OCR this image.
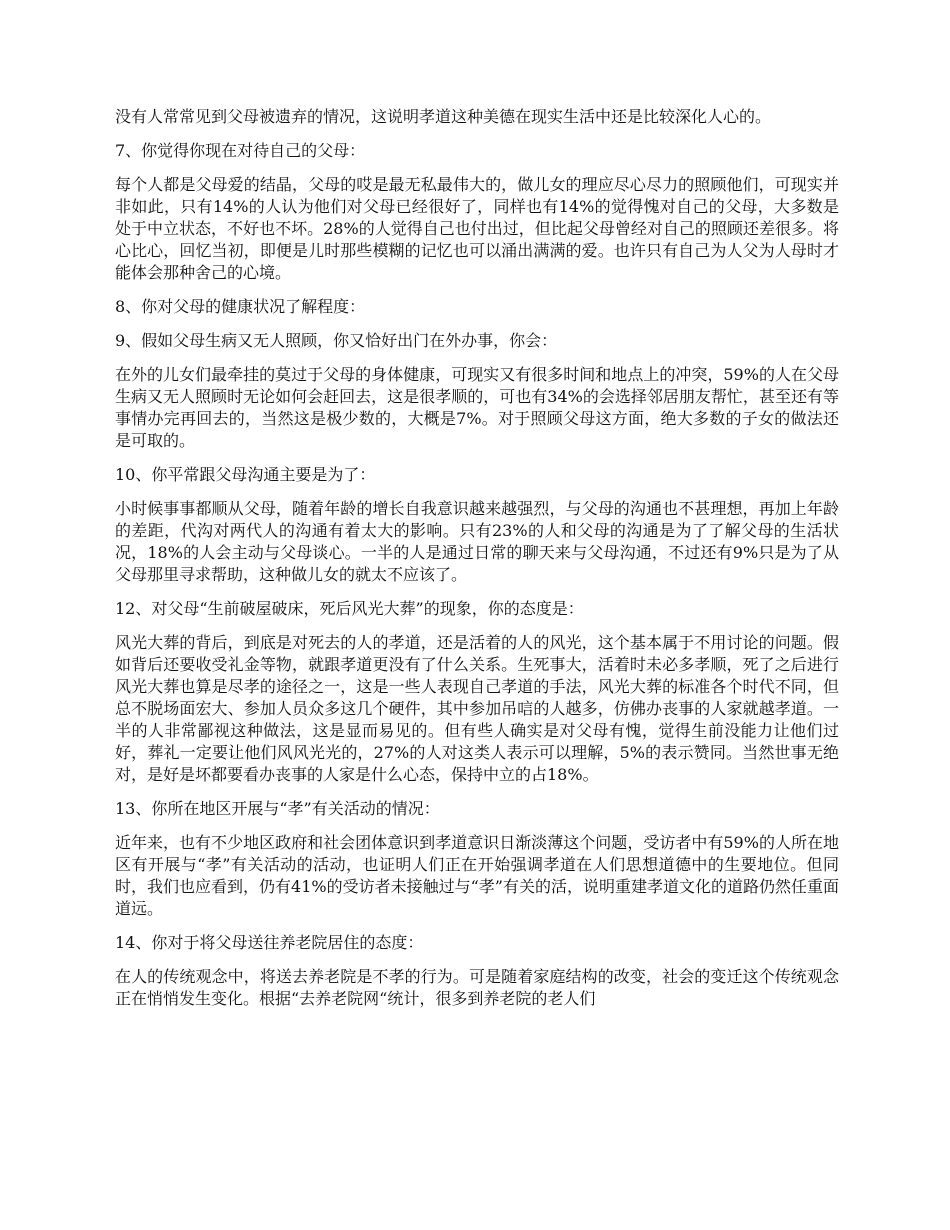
没有人常常见到父母被遗弃的情况，这说明孝道这种美德在现实生活中还是比较深化人心的。

7、你觉得你现在对待自己的父母：

每个人都是父母爱的结晶，父母的哎是最无私最伟大的，做儿女的理应尽心尽力的照顾他们，可现实并非如此，只有14%的人认为他们对父母已经很好了，同样也有14%的觉得愧对自己的父母，大多数是处于中立状态，不好也不坏。28%的人觉得自己也付出过，但比起父母曾经对自己的照顾还差很多。将心比心，回忆当初，即便是儿时那些模糊的记忆也可以涌出满满的爱。也许只有自己为人父为人母时才能体会那种舍己的心境。

8、你对父母的健康状况了解程度：

9、假如父母生病又无人照顾，你又恰好出门在外办事，你会：

在外的儿女们最牵挂的莫过于父母的身体健康，可现实又有很多时间和地点上的冲突，59%的人在父母生病又无人照顾时无论如何会赶回去，这是很孝顺的，可也有34%的会选择邻居朋友帮忙，甚至还有等事情办完再回去的，当然这是极少数的，大概是7%。对于照顾父母这方面，绝大多数的子女的做法还是可取的。

10、你平常跟父母沟通主要是为了：

小时候事事都顺从父母，随着年龄的增长自我意识越来越强烈，与父母的沟通也不甚理想，再加上年龄的差距，代沟对两代人的沟通有着太大的影响。只有23%的人和父母的沟通是为了了解父母的生活状况，18%的人会主动与父母谈心。一半的人是通过日常的聊天来与父母沟通，不过还有9%只是为了从父母那里寻求帮助，这种做儿女的就太不应该了。

12、对父母“生前破屋破床，死后风光大葬”的现象，你的态度是：

风光大葬的背后，到底是对死去的人的孝道，还是活着的人的风光，这个基本属于不用讨论的问题。假如背后还要收受礼金等物，就跟孝道更没有了什么关系。生死事大，活着时未必多孝顺，死了之后进行风光大葬也算是尽孝的途径之一，这是一些人表现自己孝道的手法，风光大葬的标准各个时代不同，但总不脱场面宏大、参加人员众多这几个硬件，其中参加吊唁的人越多，仿佛办丧事的人家就越孝道。一半的人非常鄙视这种做法，这是显而易见的。但有些人确实是对父母有愧，觉得生前没能力让他们过好，葬礼一定要让他们风风光光的，27%的人对这类人表示可以理解，5%的表示赞同。当然世事无绝对，是好是坏都要看办丧事的人家是什么心态，保持中立的占18%。

13、你所在地区开展与“孝”有关活动的情况：

近年来，也有不少地区政府和社会团体意识到孝道意识日渐淡薄这个问题，受访者中有59%的人所在地区有开展与“孝”有关活动的活动，也证明人们正在开始强调孝道在人们思想道德中的生要地位。但同时，我们也应看到，仍有41%的受访者未接触过与“孝”有关的活，说明重建孝道文化的道路仍然任重面道远。

14、你对于将父母送往养老院居住的态度：

在人的传统观念中，将送去养老院是不孝的行为。可是随着家庭结构的改变，社会的变迁这个传统观念正在悄悄发生变化。根据“去养老院网“统计，很多到养老院的老人们
